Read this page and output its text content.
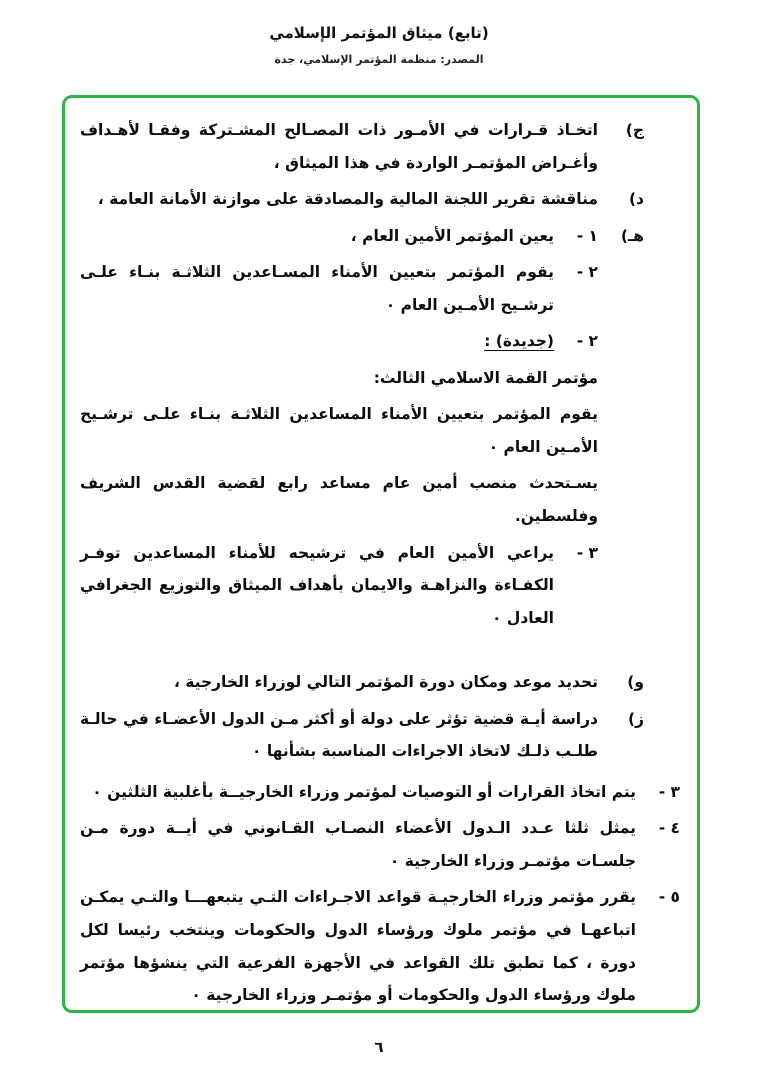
(تابع) ميثاق المؤتمر الإسلامي
المصدر: منظمة المؤتمر الإسلامي، جدة
ج)
اتخـاذ قـرارات في الأمـور ذات المصـالح المشـتركة وفقـا لأهـداف وأغـراض المؤتمـر الواردة في هذا الميثاق ،
د)
مناقشة تقرير اللجنة المالية والمصادقة على موازنة الأمانة العامة ،
هـ)
١ -
يعين المؤتمر الأمين العام ،
٢ -
يقوم المؤتمر بتعيين الأمناء المسـاعدين الثلاثـة بنـاء علـى ترشـيح الأمـين العام ٠
٢ -
(جديدة) :
مؤتمر القمة الاسلامي الثالث:
يقوم المؤتمر بتعيين الأمناء المساعدين الثلاثـة بنـاء علـى ترشـيح الأمـين العام ٠
يسـتحدث منصب أمين عام مساعد رابع لقضية القدس الشريف وفلسطين.
٣ -
يراعي الأمين العام في ترشيحه للأمناء المساعدين توفـر الكفـاءة والنزاهـة والايمان بأهداف الميثاق والتوزيع الجغرافي العادل ٠
و)
تحديد موعد ومكان دورة المؤتمر التالي لوزراء الخارجية ،
ز)
دراسة أيـة قضية تؤثر على دولة أو أكثر مـن الدول الأعضـاء في حالـة طلـب ذلـك لاتخاذ الاجراءات المناسبة بشأنها ٠
٣ -
يتم اتخاذ القرارات أو التوصيات لمؤتمر وزراء الخارجيــة بأغلبية الثلثين ٠
٤ -
يمثل ثلثا عـدد الـدول الأعضاء النصـاب القـانوني في أيــة دورة مـن جلسـات مؤتمـر وزراء الخارجية ٠
٥ -
يقرر مؤتمر وزراء الخارجيـة قواعد الاجـراءات التـي يتبعهـــا والتـي يمكـن اتباعهـا في مؤتمر ملوك ورؤساء الدول والحكومات وينتخب رئيسا لكل دورة ، كما تطبق تلك القواعد في الأجهزة الفرعية التي ينشؤها مؤتمر ملوك ورؤساء الدول والحكومات أو مؤتمـر وزراء الخارجية ٠
٦
